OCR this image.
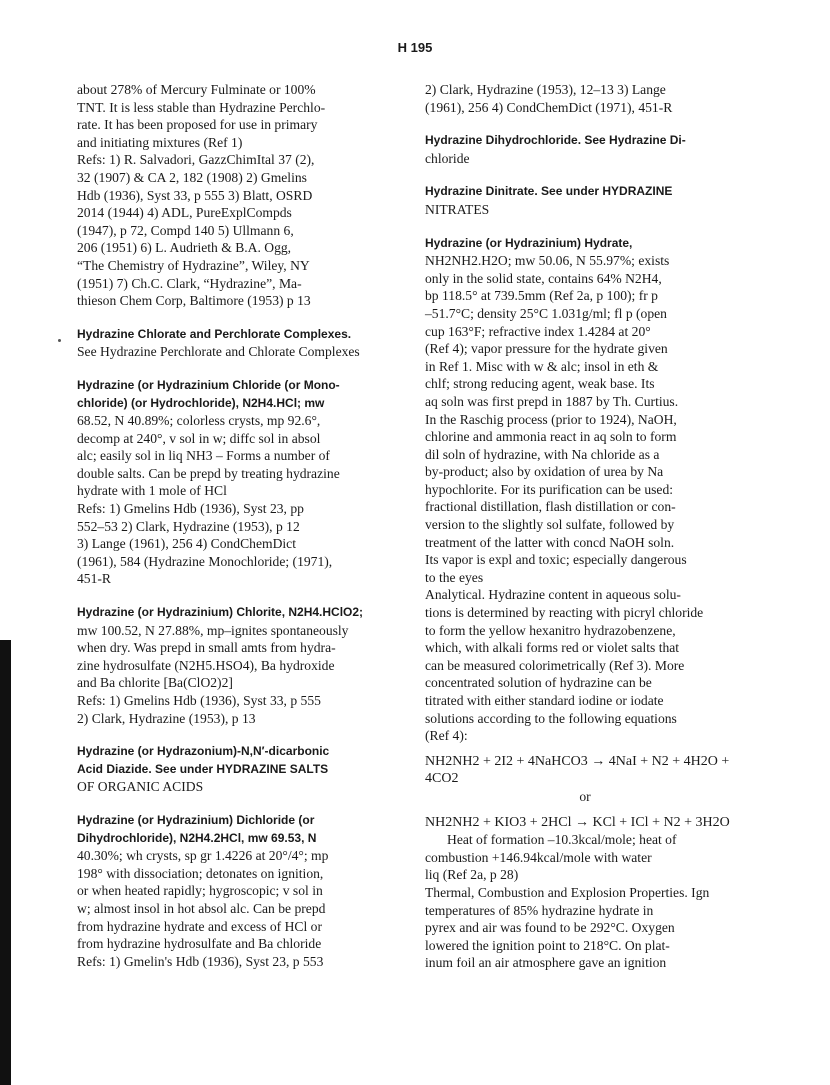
H 195
about 278% of Mercury Fulminate or 100%
TNT. It is less stable than Hydrazine Perchlo-
rate. It has been proposed for use in primary
and initiating mixtures (Ref 1)
Refs: 1) R. Salvadori, GazzChimItal 37 (2),
32 (1907) & CA 2, 182 (1908) 2) Gmelins
Hdb (1936), Syst 33, p 555 3) Blatt, OSRD
2014 (1944) 4) ADL, PureExplCompds
(1947), p 72, Compd 140 5) Ullmann 6,
206 (1951) 6) L. Audrieth & B.A. Ogg,
“The Chemistry of Hydrazine”, Wiley, NY
(1951) 7) Ch.C. Clark, “Hydrazine”, Ma-
thieson Chem Corp, Baltimore (1953) p 13
Hydrazine Chlorate and Perchlorate Complexes.
See Hydrazine Perchlorate and Chlorate Complexes
Hydrazine (or Hydrazinium Chloride (or Mono-
chloride) (or Hydrochloride), N2H4.HCl; mw
68.52, N 40.89%; colorless crysts, mp 92.6°,
decomp at 240°, v sol in w; diffc sol in absol
alc; easily sol in liq NH3 – Forms a number of
double salts. Can be prepd by treating hydrazine
hydrate with 1 mole of HCl
Refs: 1) Gmelins Hdb (1936), Syst 23, pp
552–53 2) Clark, Hydrazine (1953), p 12
3) Lange (1961), 256 4) CondChemDict
(1961), 584 (Hydrazine Monochloride; (1971),
451-R
Hydrazine (or Hydrazinium) Chlorite, N2H4.HClO2;
mw 100.52, N 27.88%, mp–ignites spontaneously
when dry. Was prepd in small amts from hydra-
zine hydrosulfate (N2H5.HSO4), Ba hydroxide
and Ba chlorite [Ba(ClO2)2]
Refs: 1) Gmelins Hdb (1936), Syst 33, p 555
2) Clark, Hydrazine (1953), p 13
Hydrazine (or Hydrazonium)-N,N′-dicarbonic
Acid Diazide. See under HYDRAZINE SALTS
OF ORGANIC ACIDS
Hydrazine (or Hydrazinium) Dichloride (or
Dihydrochloride), N2H4.2HCl, mw 69.53, N
40.30%; wh crysts, sp gr 1.4226 at 20°/4°; mp
198° with dissociation; detonates on ignition,
or when heated rapidly; hygroscopic; v sol in
w; almost insol in hot absol alc. Can be prepd
from hydrazine hydrate and excess of HCl or
from hydrazine hydrosulfate and Ba chloride
Refs: 1) Gmelin's Hdb (1936), Syst 23, p 553
2) Clark, Hydrazine (1953), 12–13 3) Lange
(1961), 256 4) CondChemDict (1971), 451-R
Hydrazine Dihydrochloride. See Hydrazine Di-
chloride
Hydrazine Dinitrate. See under HYDRAZINE
NITRATES
Hydrazine (or Hydrazinium) Hydrate,
NH2NH2.H2O; mw 50.06, N 55.97%; exists
only in the solid state, contains 64% N2H4,
bp 118.5° at 739.5mm (Ref 2a, p 100); fr p
–51.7°C; density 25°C 1.031g/ml; fl p (open
cup 163°F; refractive index 1.4284 at 20°
(Ref 4); vapor pressure for the hydrate given
in Ref 1. Misc with w & alc; insol in eth &
chlf; strong reducing agent, weak base. Its
aq soln was first prepd in 1887 by Th. Curtius.
In the Raschig process (prior to 1924), NaOH,
chlorine and ammonia react in aq soln to form
dil soln of hydrazine, with Na chloride as a
by-product; also by oxidation of urea by Na
hypochlorite. For its purification can be used:
fractional distillation, flash distillation or con-
version to the slightly sol sulfate, followed by
treatment of the latter with concd NaOH soln.
Its vapor is expl and toxic; especially dangerous
to the eyes
Analytical. Hydrazine content in aqueous solu-
tions is determined by reacting with picryl chloride
to form the yellow hexanitro hydrazobenzene,
which, with alkali forms red or violet salts that
can be measured colorimetrically (Ref 3). More
concentrated solution of hydrazine can be
titrated with either standard iodine or iodate
solutions according to the following equations
(Ref 4):
NH2NH2 + 2I2 + 4NaHCO3 → 4NaI + N2 + 4H2O +
4CO2
or
NH2NH2 + KIO3 + 2HCl → KCl + ICl + N2 + 3H2O
Heat of formation –10.3kcal/mole; heat of
combustion +146.94kcal/mole with water
liq (Ref 2a, p 28)
Thermal, Combustion and Explosion Properties. Ign
temperatures of 85% hydrazine hydrate in
pyrex and air was found to be 292°C. Oxygen
lowered the ignition point to 218°C. On plat-
inum foil an air atmosphere gave an ignition
